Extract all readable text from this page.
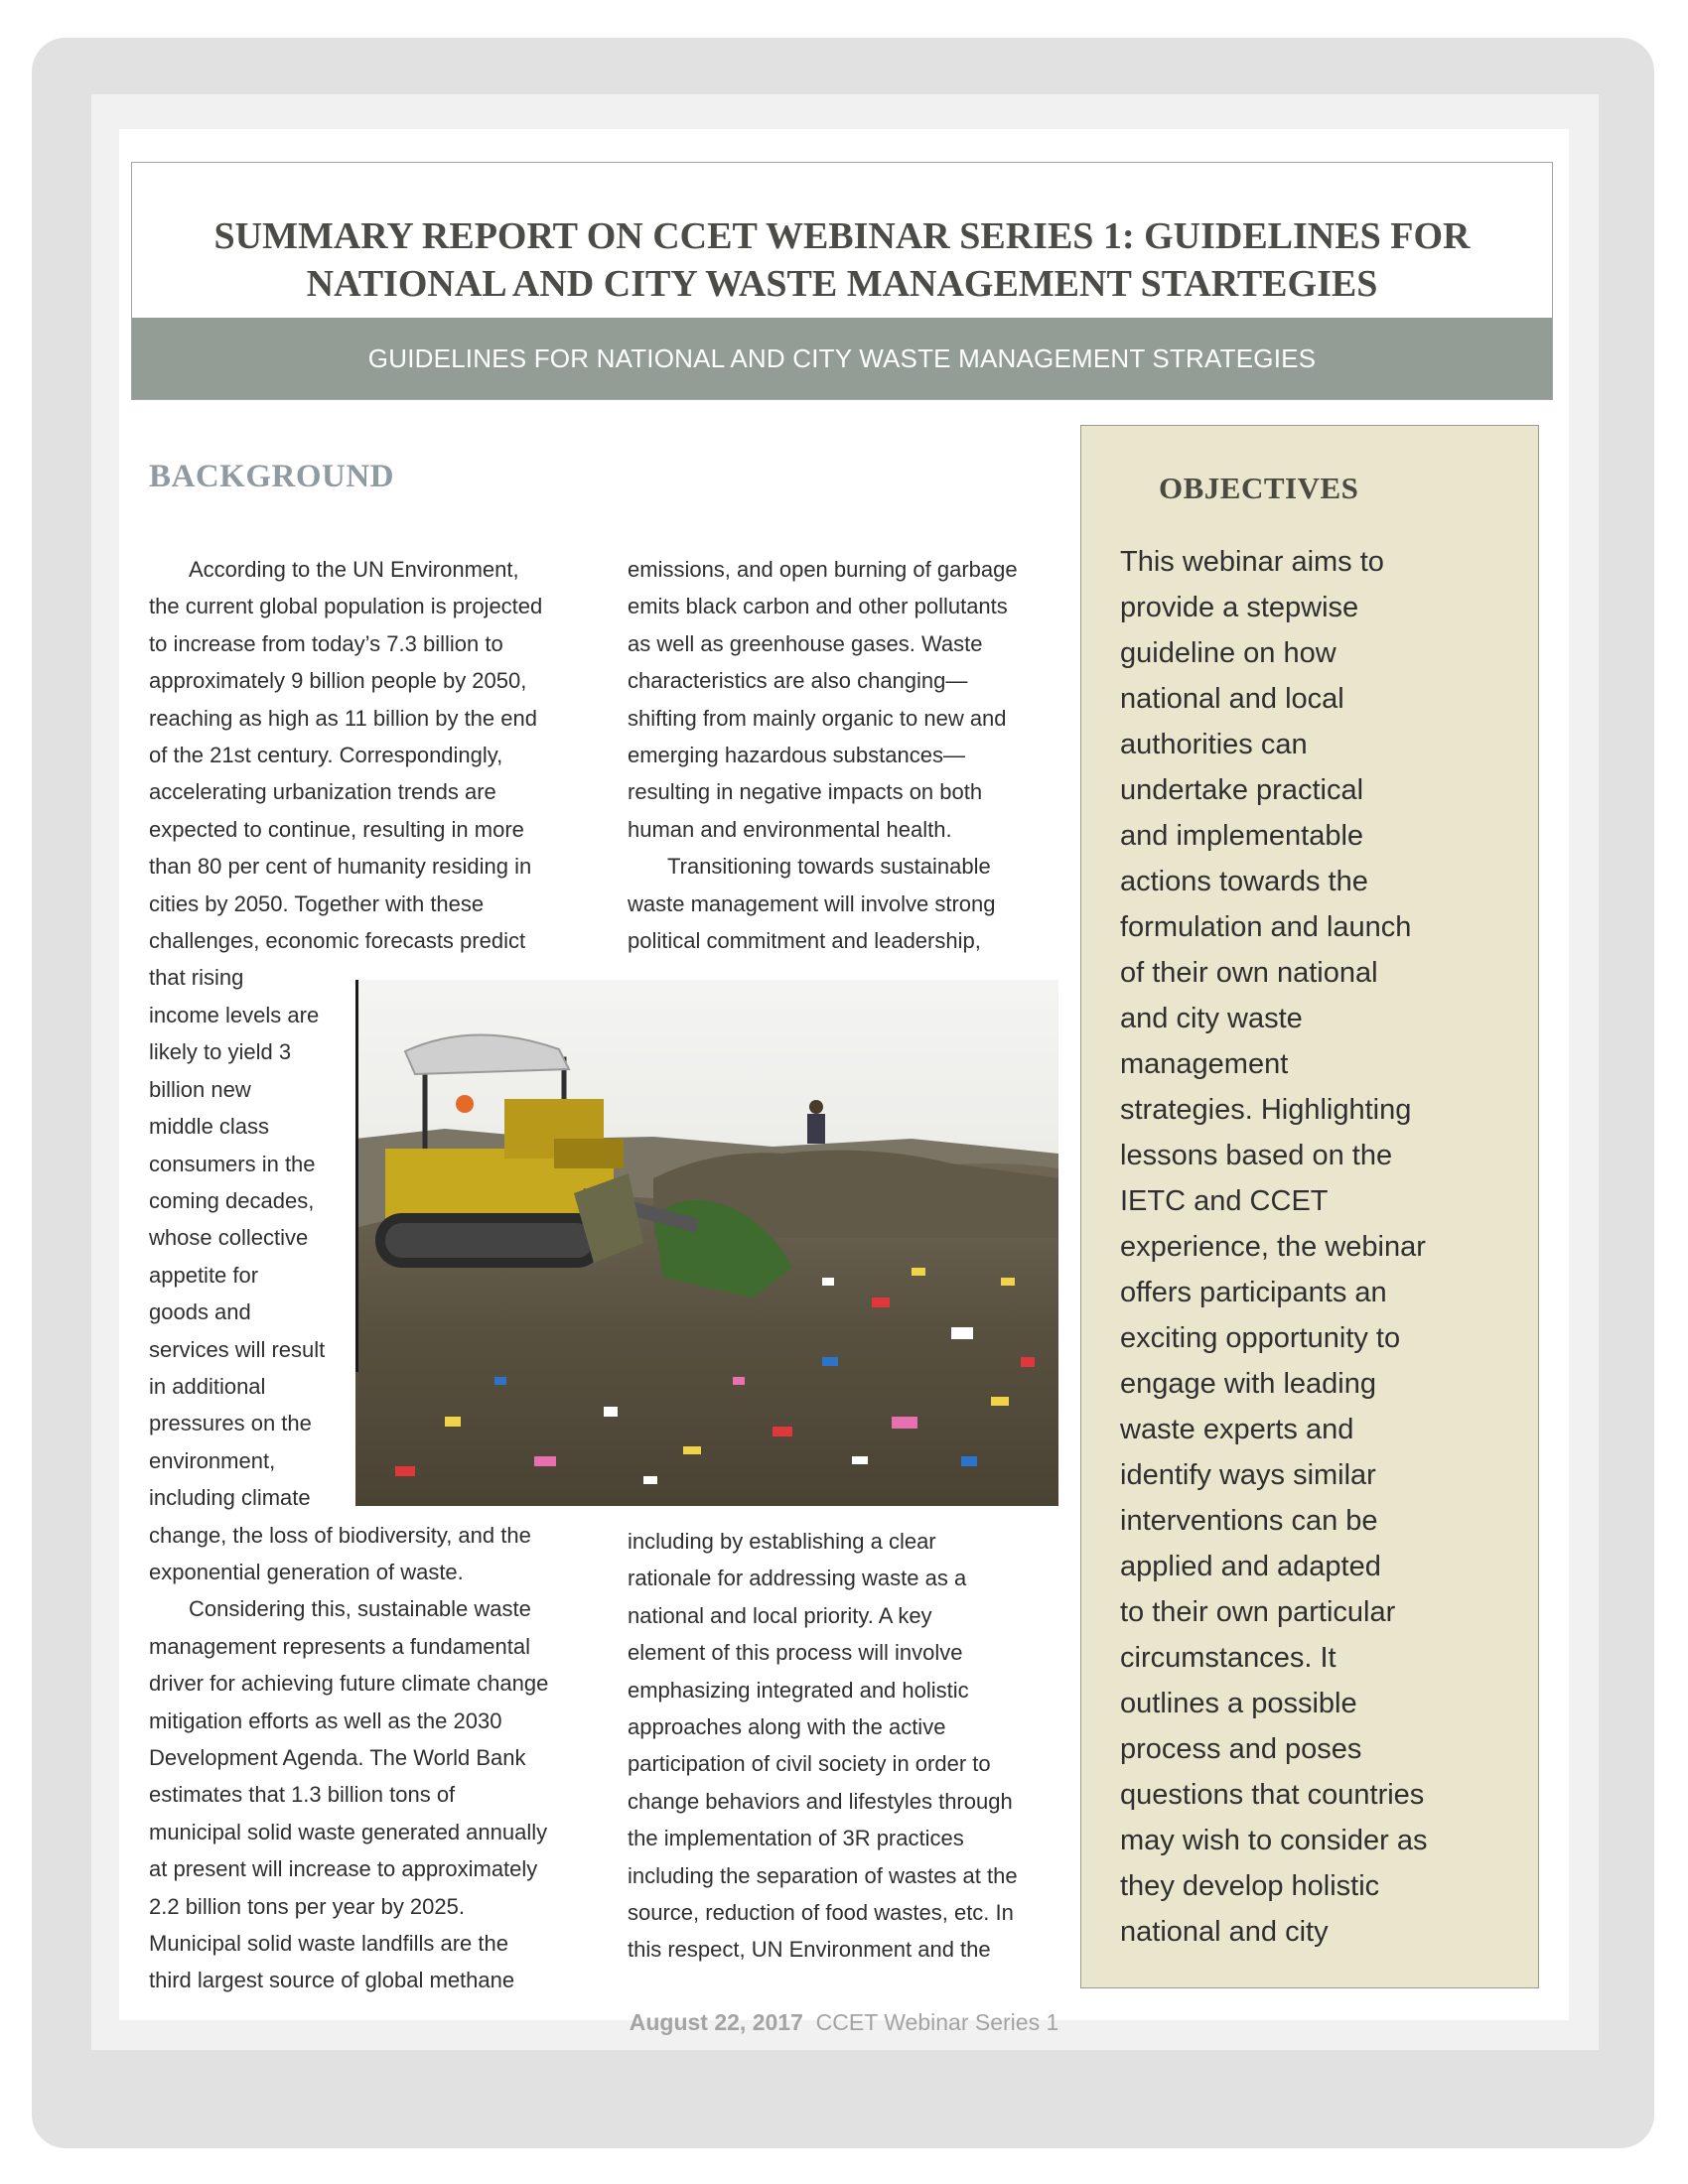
SUMMARY REPORT ON CCET WEBINAR SERIES 1: GUIDELINES FOR NATIONAL AND CITY WASTE MANAGEMENT STARTEGIES
GUIDELINES FOR NATIONAL AND CITY WASTE MANAGEMENT STRATEGIES
BACKGROUND

According to the UN Environment,

the current global population is projected

to increase from today’s 7.3 billion to

approximately 9 billion people by 2050,

reaching as high as 11 billion by the end

of the 21st century. Correspondingly,

accelerating urbanization trends are

expected to continue, resulting in more

than 80 per cent of humanity residing in

cities by 2050. Together with these

challenges, economic forecasts predict

that rising

income levels are

likely to yield 3

billion new

middle class

consumers in the

coming decades,

whose collective

appetite for

goods and

services will result

in additional

pressures on the

environment,

including climate

change, the loss of biodiversity, and the

exponential generation of waste.

Considering this, sustainable waste

management represents a fundamental

driver for achieving future climate change

mitigation efforts as well as the 2030

Development Agenda. The World Bank

estimates that 1.3 billion tons of

municipal solid waste generated annually

at present will increase to approximately

2.2 billion tons per year by 2025.

Municipal solid waste landfills are the

third largest source of global methane

emissions, and open burning of garbage

emits black carbon and other pollutants

as well as greenhouse gases. Waste

characteristics are also changing—

shifting from mainly organic to new and

emerging hazardous substances—

resulting in negative impacts on both

human and environmental health.

Transitioning towards sustainable

waste management will involve strong

political commitment and leadership,

including by establishing a clear

rationale for addressing waste as a

national and local priority. A key

element of this process will involve

emphasizing integrated and holistic

approaches along with the active

participation of civil society in order to

change behaviors and lifestyles through

the implementation of 3R practices

including the separation of wastes at the

source, reduction of food wastes, etc. In

this respect, UN Environment and the

OBJECTIVES

This webinar aims to

provide a stepwise

guideline on how

national and local

authorities can

undertake practical

and implementable

actions towards the

formulation and launch

of their own national

and city waste

management

strategies. Highlighting

lessons based on the

IETC and CCET

experience, the webinar

offers participants an

exciting opportunity to

engage with leading

waste experts and

identify ways similar

interventions can be

applied and adapted

to their own particular

circumstances. It

outlines a possible

process and poses

questions that countries

may wish to consider as

they develop holistic

national and city

August 22, 2017 CCET Webinar Series 1
